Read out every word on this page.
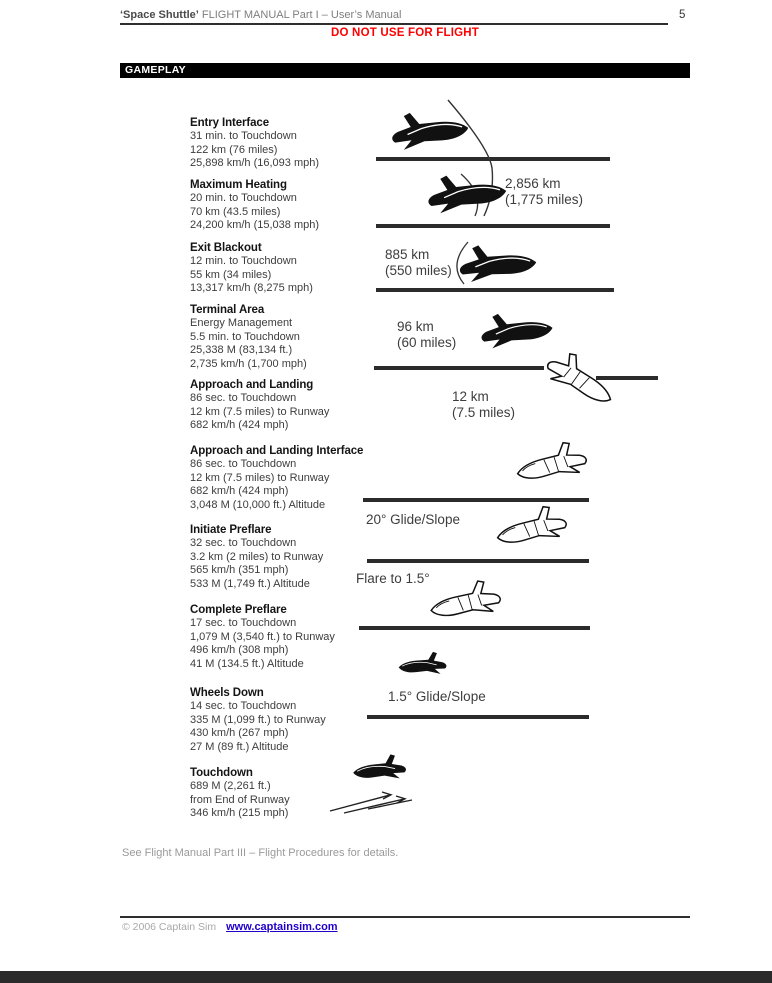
‘Space Shuttle’ FLIGHT MANUAL Part I – User’s Manual	5
DO NOT USE FOR FLIGHT
GAMEPLAY
Entry Interface
31 min. to Touchdown
122 km (76 miles)
25,898 km/h (16,093 mph)
Maximum Heating
20 min. to Touchdown
70 km (43.5 miles)
24,200 km/h (15,038 mph)
Exit Blackout
12 min. to Touchdown
55 km (34 miles)
13,317 km/h (8,275 mph)
Terminal Area
Energy Management
5.5 min. to Touchdown
25,338 M (83,134 ft.)
2,735 km/h (1,700 mph)
Approach and Landing
86 sec. to Touchdown
12 km (7.5 miles) to Runway
682 km/h (424 mph)
Approach and Landing Interface
86 sec. to Touchdown
12 km (7.5 miles) to Runway
682 km/h (424 mph)
3,048 M (10,000 ft.) Altitude
Initiate Preflare
32 sec. to Touchdown
3.2 km (2 miles) to Runway
565 km/h (351 mph)
533 M (1,749 ft.) Altitude
Complete Preflare
17 sec. to Touchdown
1,079 M (3,540 ft.) to Runway
496 km/h (308 mph)
41 M (134.5 ft.) Altitude
Wheels Down
14 sec. to Touchdown
335 M (1,099 ft.) to Runway
430 km/h (267 mph)
27 M (89 ft.) Altitude
Touchdown
689 M (2,261 ft.)
from End of Runway
346 km/h (215 mph)
2,856 km
(1,775 miles)
885 km
(550 miles)
96 km
(60 miles)
12 km
(7.5 miles)
20° Glide/Slope
Flare to 1.5°
1.5° Glide/Slope
See Flight Manual Part III – Flight Procedures for details.
© 2006 Captain Sim www.captainsim.com
